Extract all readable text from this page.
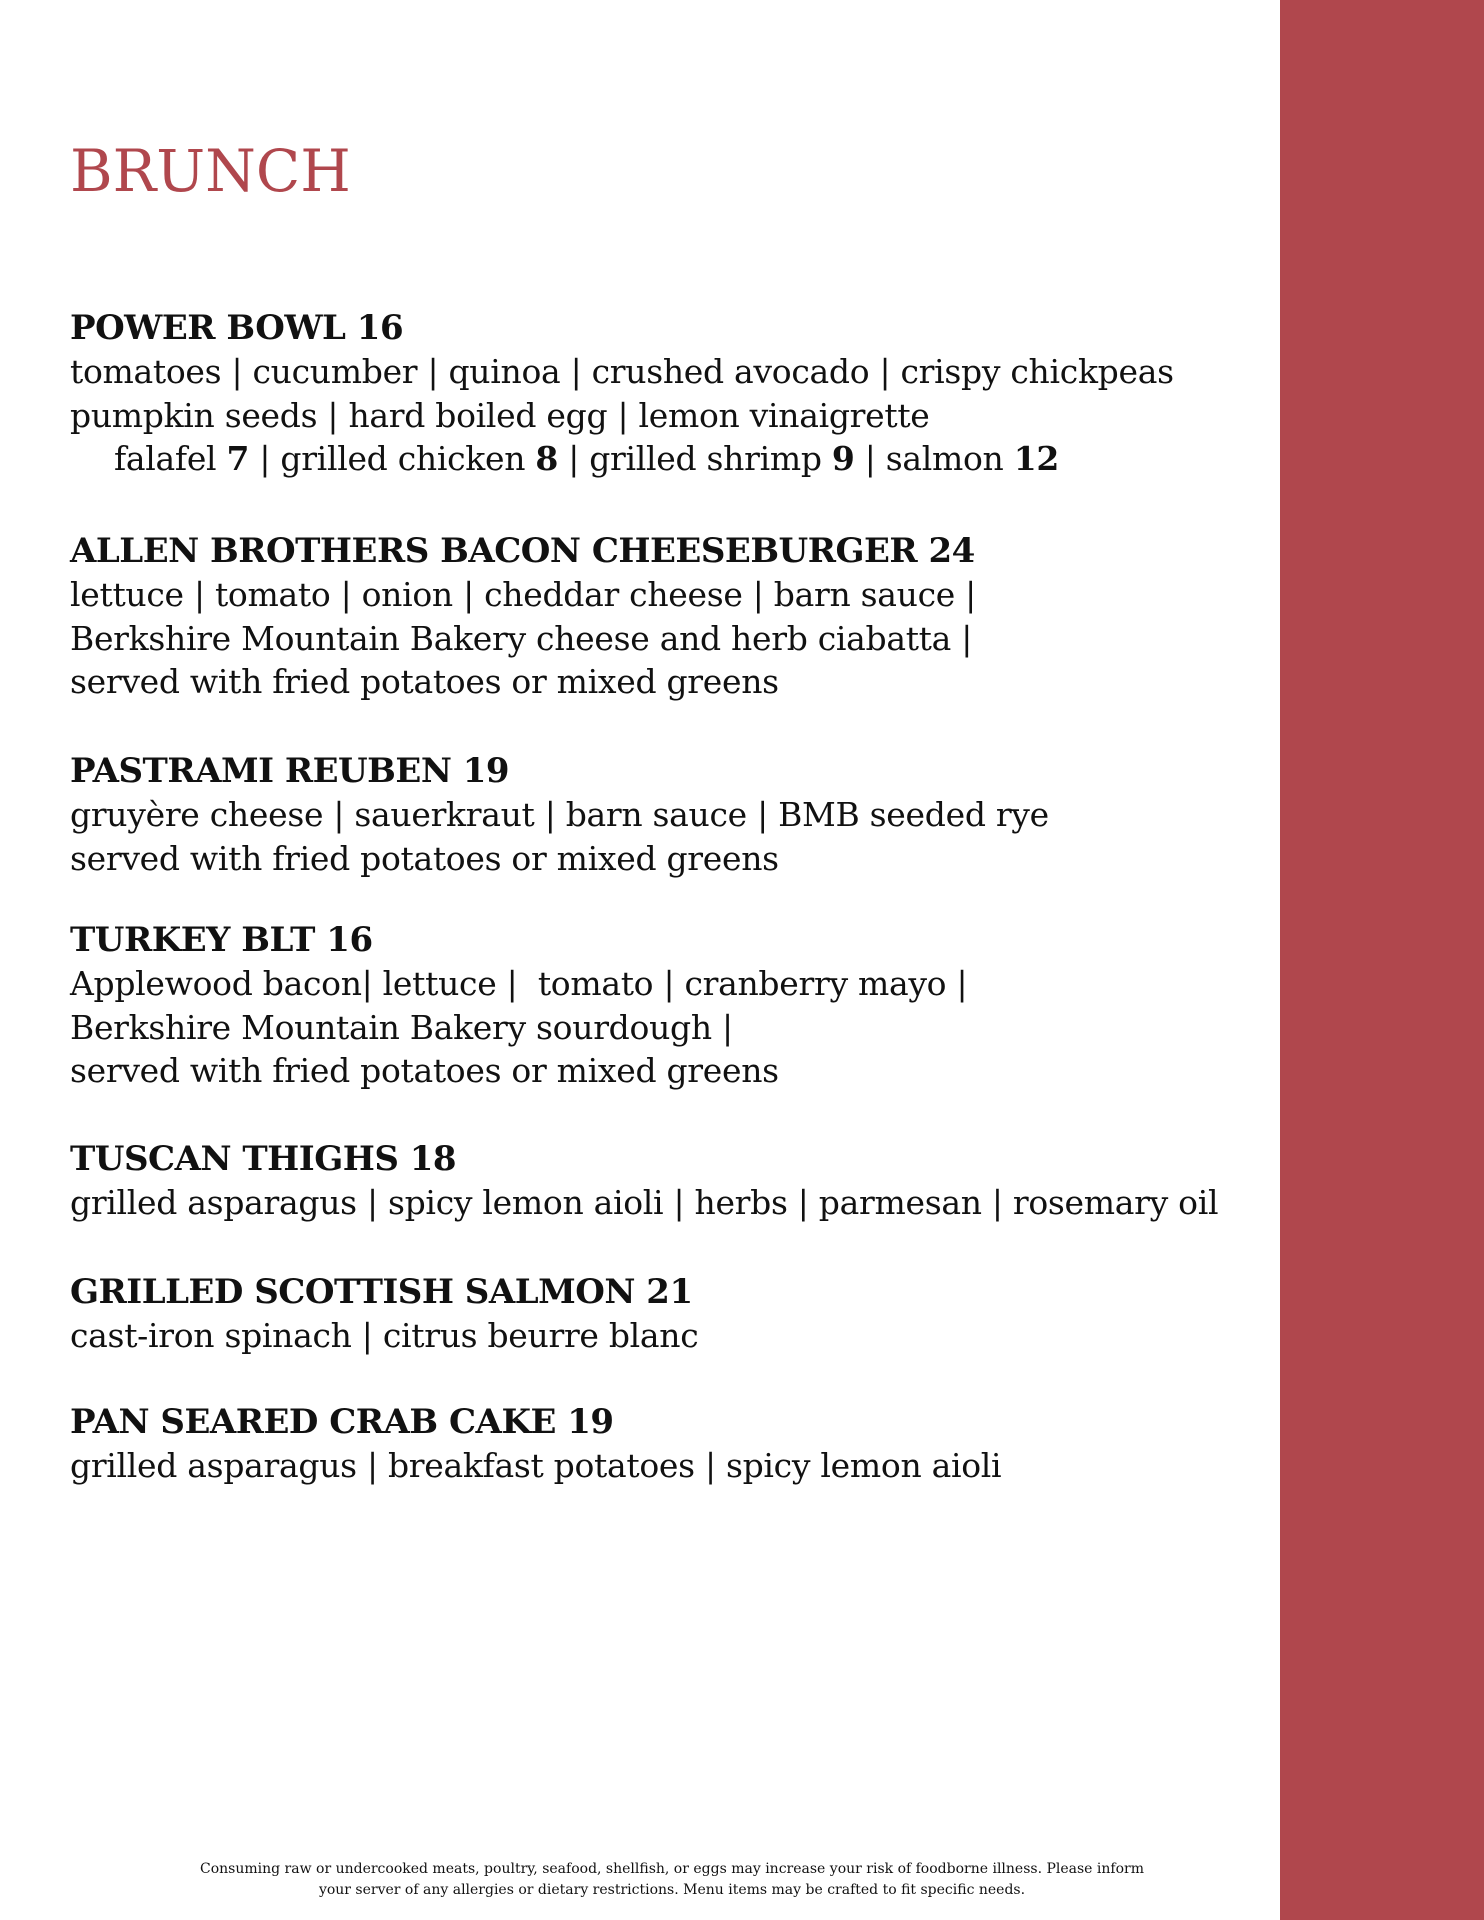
BRUNCH

POWER BOWL 16

tomatoes | cucumber | quinoa | crushed avocado | crispy chickpeas

pumpkin seeds | hard boiled egg | lemon vinaigrette

falafel 7 | grilled chicken 8 | grilled shrimp 9 | salmon 12

ALLEN BROTHERS BACON CHEESEBURGER 24

lettuce | tomato | onion | cheddar cheese | barn sauce |

Berkshire Mountain Bakery cheese and herb ciabatta |

served with fried potatoes or mixed greens

PASTRAMI REUBEN 19

gruyère cheese | sauerkraut | barn sauce | BMB seeded rye

served with fried potatoes or mixed greens

TURKEY BLT 16

Applewood bacon| lettuce |  tomato | cranberry mayo |

Berkshire Mountain Bakery sourdough |

served with fried potatoes or mixed greens

TUSCAN THIGHS 18

grilled asparagus | spicy lemon aioli | herbs | parmesan | rosemary oil

GRILLED SCOTTISH SALMON 21

cast-iron spinach | citrus beurre blanc

PAN SEARED CRAB CAKE 19

grilled asparagus | breakfast potatoes | spicy lemon aioli

Consuming raw or undercooked meats, poultry, seafood, shellfish, or eggs may increase your risk of foodborne illness. Please inform

your server of any allergies or dietary restrictions. Menu items may be crafted to fit specific needs.
